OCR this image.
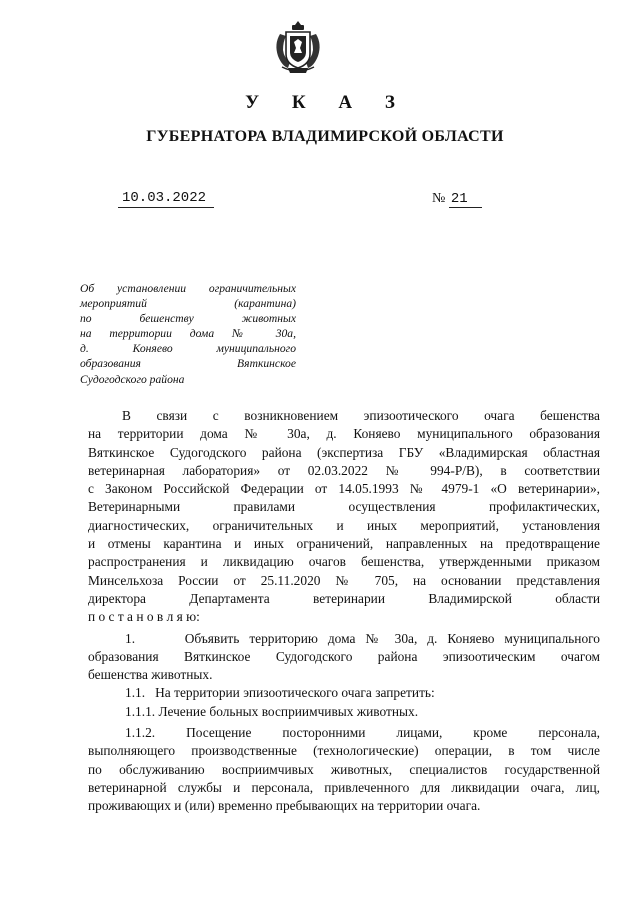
У К А З
ГУБЕРНАТОРА ВЛАДИМИРСКОЙ ОБЛАСТИ
10.03.2022	№ 21
Об установлении ограничительных
мероприятий (карантина)
по бешенству животных
на территории дома № 30а,
д. Коняево муниципального
образования Вяткинское
Судогодского района
В связи с возникновением эпизоотического очага бешенства
на территории дома № 30а, д. Коняево муниципального образования
Вяткинское Судогодского района (экспертиза ГБУ «Владимирская областная
ветеринарная лаборатория» от 02.03.2022 № 994-Р/В), в соответствии
с Законом Российской Федерации от 14.05.1993 № 4979-1 «О ветеринарии»,
Ветеринарными правилами осуществления профилактических,
диагностических, ограничительных и иных мероприятий, установления
и отмены карантина и иных ограничений, направленных на предотвращение
распространения и ликвидацию очагов бешенства, утвержденными приказом
Минсельхоза России от 25.11.2020 № 705, на основании представления
директора Департамента ветеринарии Владимирской области
п о с т а н о в л я ю:
1.     Объявить территорию дома № 30а, д. Коняево муниципального
образования Вяткинское Судогодского района эпизоотическим очагом
бешенства животных.
1.1.   На территории эпизоотического очага запретить:
1.1.1. Лечение больных восприимчивых животных.
1.1.2. Посещение посторонними лицами, кроме персонала,
выполняющего производственные (технологические) операции, в том числе
по обслуживанию восприимчивых животных, специалистов государственной
ветеринарной службы и персонала, привлеченного для ликвидации очага, лиц,
проживающих и (или) временно пребывающих на территории очага.
